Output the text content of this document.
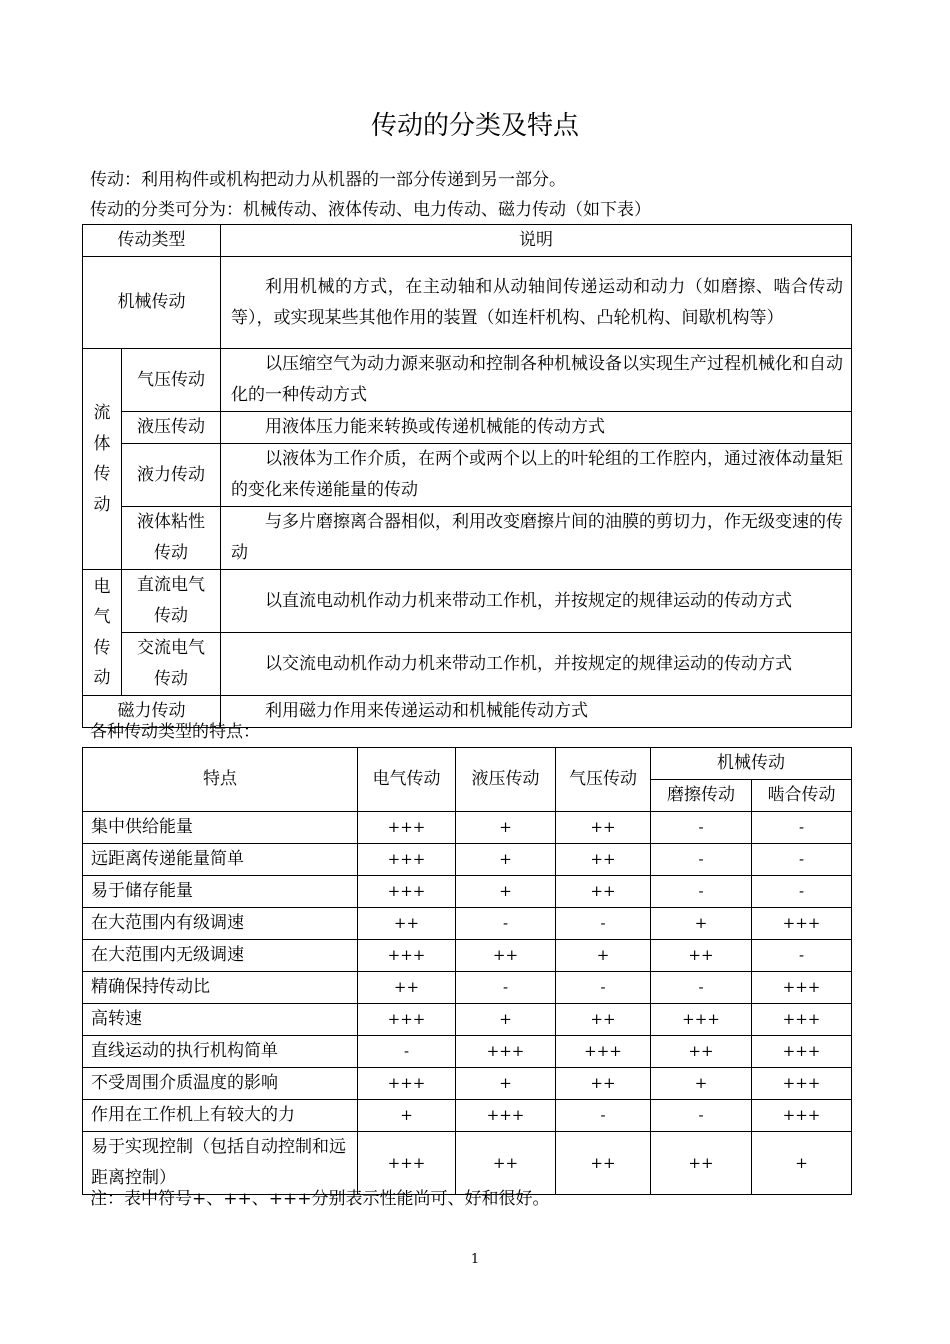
传动的分类及特点
传动：利用构件或机构把动力从机器的一部分传递到另一部分。
传动的分类可分为：机械传动、液体传动、电力传动、磁力传动（如下表）
传动类型		说明
机械传动		利用机械的方式，在主动轴和从动轴间传递运动和动力（如磨擦、啮合传动等），或实现某些其他作用的装置（如连杆机构、凸轮机构、间歇机构等）
流体传动	气压传动	以压缩空气为动力源来驱动和控制各种机械设备以实现生产过程机械化和自动化的一种传动方式
	液压传动	用液体压力能来转换或传递机械能的传动方式
	液力传动	以液体为工作介质，在两个或两个以上的叶轮组的工作腔内，通过液体动量矩的变化来传递能量的传动
	液体粘性传动	与多片磨擦离合器相似，利用改变磨擦片间的油膜的剪切力，作无级变速的传动
电气传动	直流电气传动	以直流电动机作动力机来带动工作机，并按规定的规律运动的传动方式
	交流电气传动	以交流电动机作动力机来带动工作机，并按规定的规律运动的传动方式
磁力传动		利用磁力作用来传递运动和机械能传动方式
各种传动类型的特点：
特点	电气传动	液压传动	气压传动	机械传动	
				磨擦传动	啮合传动
集中供给能量	+++	+	++	-	-
远距离传递能量简单	+++	+	++	-	-
易于储存能量	+++	+	++	-	-
在大范围内有级调速	++	-	-	+	+++
在大范围内无级调速	+++	++	+	++	-
精确保持传动比	++	-	-	-	+++
高转速	+++	+	++	+++	+++
直线运动的执行机构简单	-	+++	+++	++	+++
不受周围介质温度的影响	+++	+	++	+	+++
作用在工作机上有较大的力	+	+++	-	-	+++
易于实现控制（包括自动控制和远距离控制）	+++	++	++	++	+
注：表中符号+、++、+++分别表示性能尚可、好和很好。
1
